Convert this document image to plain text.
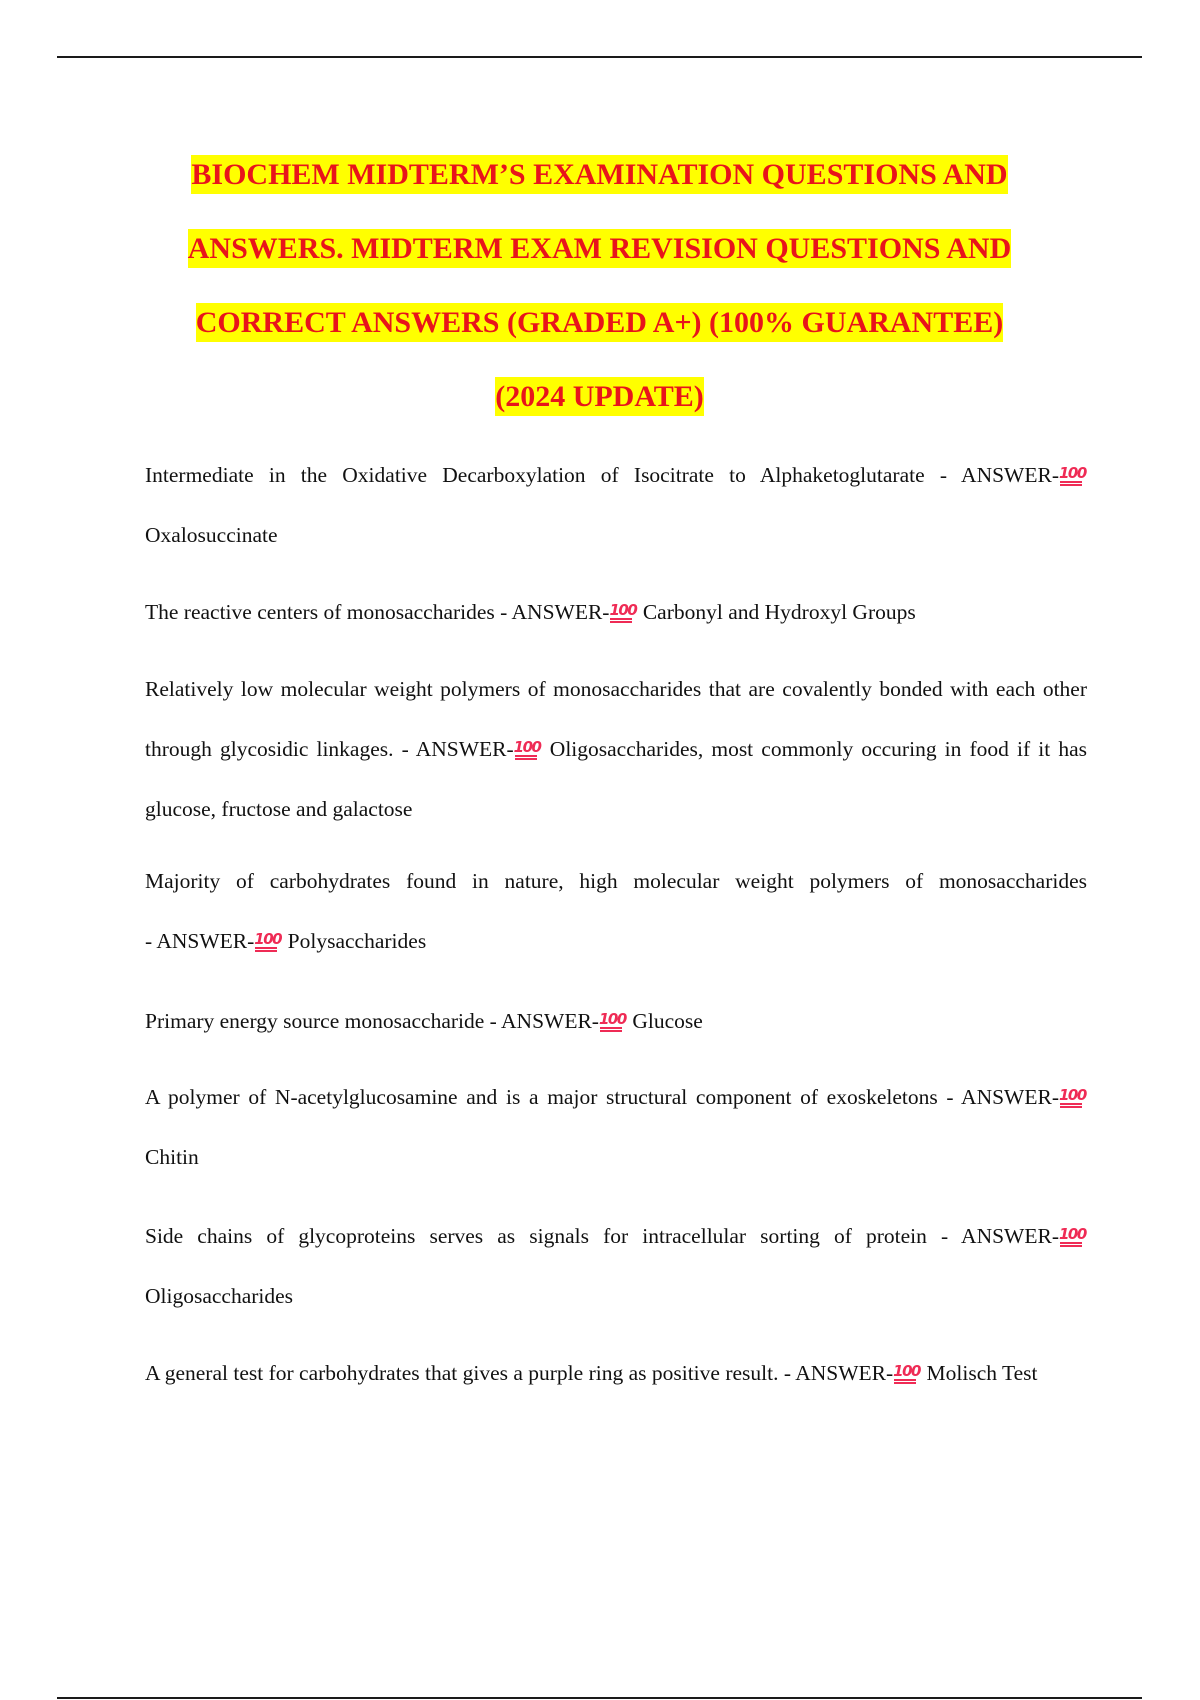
BIOCHEM MIDTERM’S EXAMINATION QUESTIONS AND
ANSWERS. MIDTERM EXAM REVISION QUESTIONS AND
CORRECT ANSWERS (GRADED A+) (100% GUARANTEE)
(2024 UPDATE)
Intermediate in the Oxidative Decarboxylation of Isocitrate to Alphaketoglutarate - ANSWER-100 Oxalosuccinate
The reactive centers of monosaccharides - ANSWER- 100 Carbonyl and Hydroxyl Groups
Relatively low molecular weight polymers of monosaccharides that are covalently bonded with each other through glycosidic linkages. - ANSWER- 100 Oligosaccharides, most commonly occuring in food if it has glucose, fructose and galactose
Majority of carbohydrates found in nature, high molecular weight polymers of monosaccharides - ANSWER- 100 Polysaccharides
Primary energy source monosaccharide - ANSWER- 100 Glucose
A polymer of N-acetylglucosamine and is a major structural component of exoskeletons - ANSWER-100 Chitin
Side chains of glycoproteins serves as signals for intracellular sorting of protein - ANSWER-100 Oligosaccharides
A general test for carbohydrates that gives a purple ring as positive result. - ANSWER- 100 Molisch Test
